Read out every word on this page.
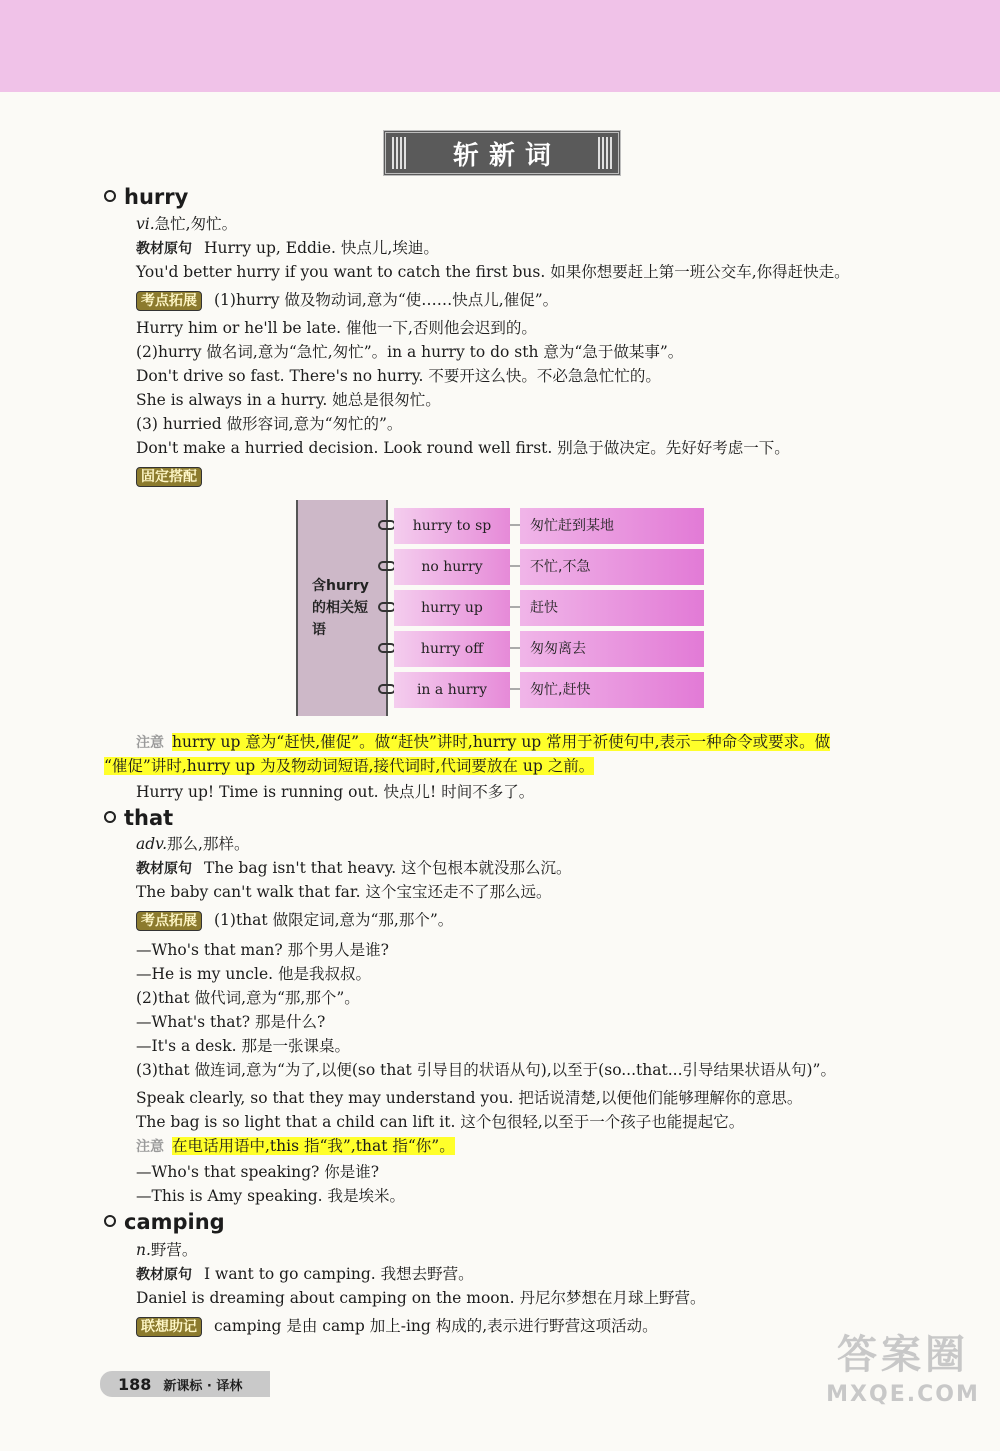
斩新词
hurry
vi.急忙,匆忙。
教材原句 Hurry up, Eddie. 快点儿,埃迪。
You'd better hurry if you want to catch the first bus. 如果你想要赶上第一班公交车,你得赶快走。
考点拓展 (1)hurry 做及物动词,意为“使……快点儿,催促”。
Hurry him or he'll be late. 催他一下,否则他会迟到的。
(2)hurry 做名词,意为“急忙,匆忙”。in a hurry to do sth 意为“急于做某事”。
Don't drive so fast. There's no hurry. 不要开这么快。不必急急忙忙的。
She is always in a hurry. 她总是很匆忙。
(3) hurried 做形容词,意为“匆忙的”。
Don't make a hurried decision. Look round well first. 别急于做决定。先好好考虑一下。
固定搭配
含hurry的相关短语
hurry to sp	匆忙赶到某地
no hurry	不忙,不急
hurry up	赶快
hurry off	匆匆离去
in a hurry	匆忙,赶快
注意 hurry up 意为“赶快,催促”。做“赶快”讲时,hurry up 常用于祈使句中,表示一种命令或要求。做
“催促”讲时,hurry up 为及物动词短语,接代词时,代词要放在 up 之前。
Hurry up! Time is running out. 快点儿! 时间不多了。
that
adv.那么,那样。
教材原句 The bag isn't that heavy. 这个包根本就没那么沉。
The baby can't walk that far. 这个宝宝还走不了那么远。
考点拓展 (1)that 做限定词,意为“那,那个”。
—Who's that man? 那个男人是谁?
—He is my uncle. 他是我叔叔。
(2)that 做代词,意为“那,那个”。
—What's that? 那是什么?
—It's a desk. 那是一张课桌。
(3)that 做连词,意为“为了,以便(so that 引导目的状语从句),以至于(so...that...引导结果状语从句)”。
Speak clearly, so that they may understand you. 把话说清楚,以便他们能够理解你的意思。
The bag is so light that a child can lift it. 这个包很轻,以至于一个孩子也能提起它。
注意 在电话用语中,this 指“我”,that 指“你”。
—Who's that speaking? 你是谁?
—This is Amy speaking. 我是埃米。
camping
n.野营。
教材原句 I want to go camping. 我想去野营。
Daniel is dreaming about camping on the moon. 丹尼尔梦想在月球上野营。
联想助记 camping 是由 camp 加上-ing 构成的,表示进行野营这项活动。
188 新课标 · 译林
答案圈
MXQE.COM
